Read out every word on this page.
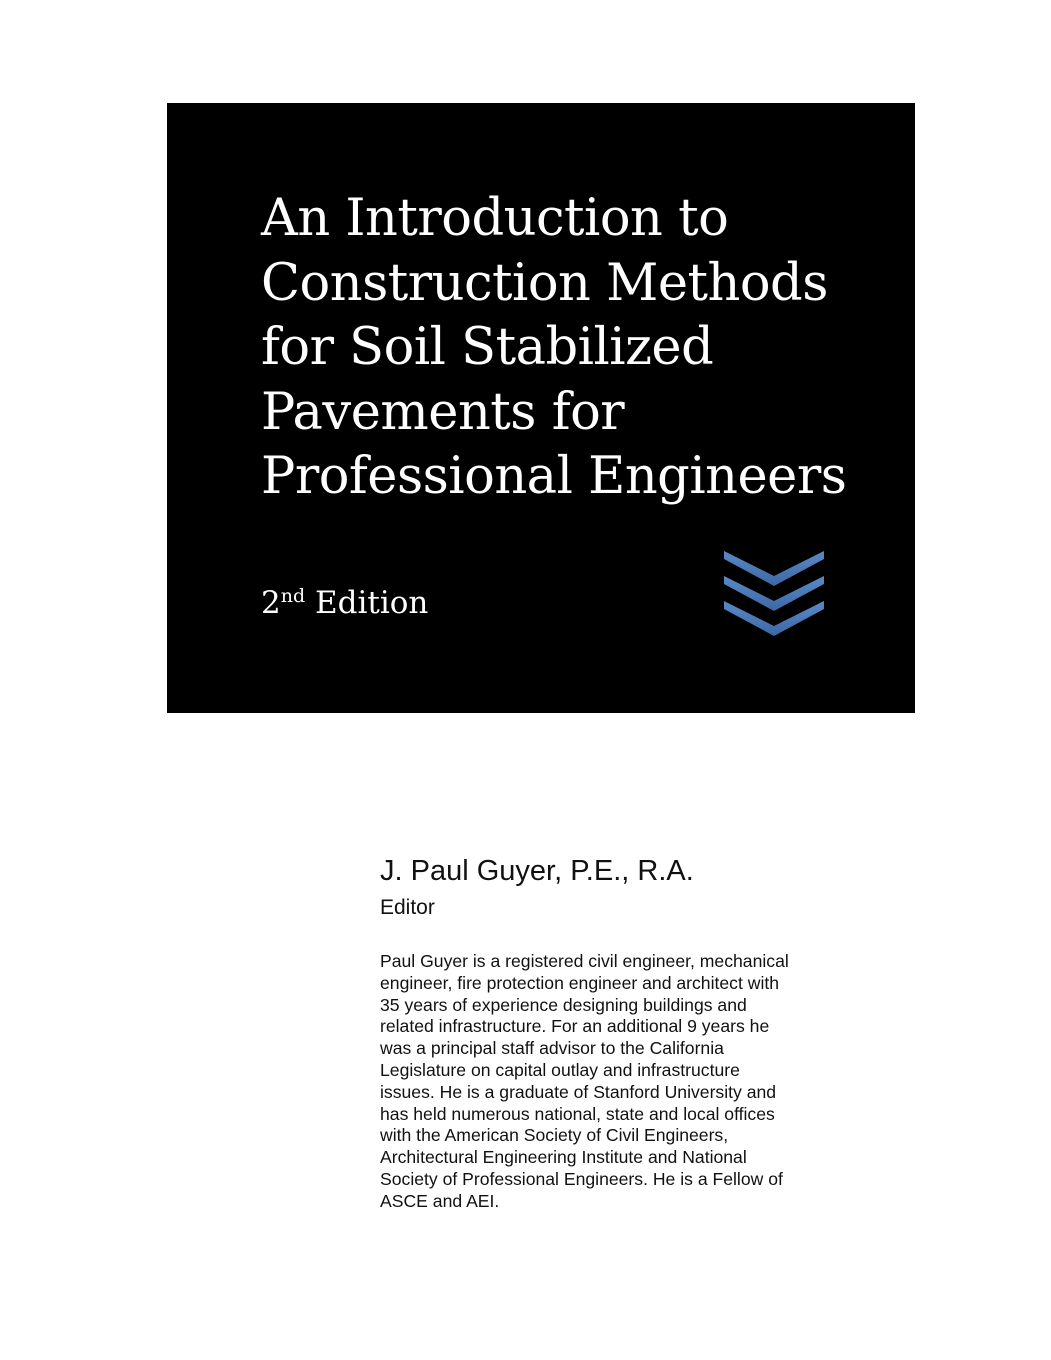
An Introduction to
Construction Methods
for Soil Stabilized
Pavements for
Professional Engineers
2nd Edition
J. Paul Guyer, P.E., R.A.
Editor
Paul Guyer is a registered civil engineer, mechanical
engineer, fire protection engineer and architect with
35 years of experience designing buildings and
related infrastructure. For an additional 9 years he
was a principal staff advisor to the California
Legislature on capital outlay and infrastructure
issues. He is a graduate of Stanford University and
has held numerous national, state and local offices
with the American Society of Civil Engineers,
Architectural Engineering Institute and National
Society of Professional Engineers. He is a Fellow of
ASCE and AEI.
